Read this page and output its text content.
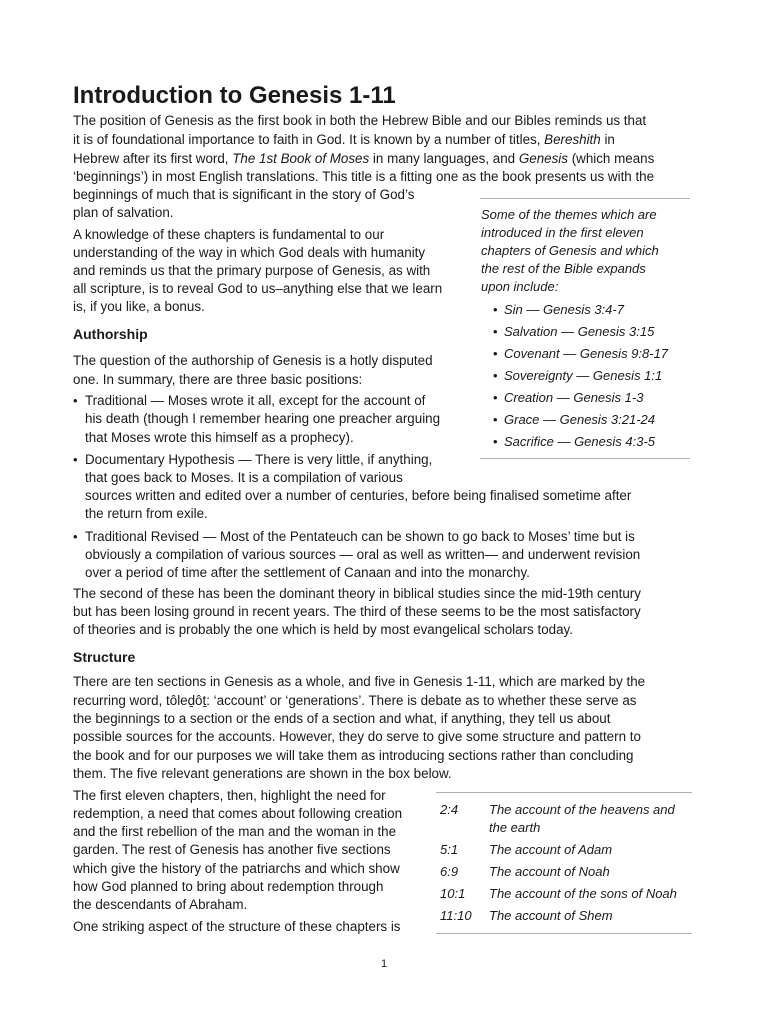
Introduction to Genesis 1-11
The position of Genesis as the first book in both the Hebrew Bible and our Bibles reminds us that
it is of foundational importance to faith in God. It is known by a number of titles, Bereshith in
Hebrew after its first word, The 1st Book of Moses in many languages, and Genesis (which means
‘beginnings’) in most English translations. This title is a fitting one as the book presents us with the
beginnings of much that is significant in the story of God’s
plan of salvation.
A knowledge of these chapters is fundamental to our
understanding of the way in which God deals with humanity
and reminds us that the primary purpose of Genesis, as with
all scripture, is to reveal God to us–anything else that we learn
is, if you like, a bonus.
Some of the themes which are
introduced in the first eleven
chapters of Genesis and which
the rest of the Bible expands
upon include:
• Sin — Genesis 3:4-7
• Salvation — Genesis 3:15
• Covenant — Genesis 9:8-17
• Sovereignty — Genesis 1:1
• Creation — Genesis 1-3
• Grace — Genesis 3:21-24
• Sacrifice — Genesis 4:3-5
Authorship
The question of the authorship of Genesis is a hotly disputed
one. In summary, there are three basic positions:
• Traditional — Moses wrote it all, except for the account of
his death (though I remember hearing one preacher arguing
that Moses wrote this himself as a prophecy).
• Documentary Hypothesis — There is very little, if anything,
that goes back to Moses. It is a compilation of various
sources written and edited over a number of centuries, before being finalised sometime after
the return from exile.
• Traditional Revised — Most of the Pentateuch can be shown to go back to Moses’ time but is
obviously a compilation of various sources — oral as well as written— and underwent revision
over a period of time after the settlement of Canaan and into the monarchy.
The second of these has been the dominant theory in biblical studies since the mid-19th century
but has been losing ground in recent years. The third of these seems to be the most satisfactory
of theories and is probably the one which is held by most evangelical scholars today.
Structure
There are ten sections in Genesis as a whole, and five in Genesis 1-11, which are marked by the
recurring word, tôleḏôṯ: ‘account’ or ‘generations’. There is debate as to whether these serve as
the beginnings to a section or the ends of a section and what, if anything, they tell us about
possible sources for the accounts. However, they do serve to give some structure and pattern to
the book and for our purposes we will take them as introducing sections rather than concluding
them. The five relevant generations are shown in the box below.
The first eleven chapters, then, highlight the need for
redemption, a need that comes about following creation
and the first rebellion of the man and the woman in the
garden. The rest of Genesis has another five sections
which give the history of the patriarchs and which show
how God planned to bring about redemption through
the descendants of Abraham.
One striking aspect of the structure of these chapters is
2:4 The account of the heavens and
the earth
5:1 The account of Adam
6:9 The account of Noah
10:1 The account of the sons of Noah
11:10 The account of Shem
1
